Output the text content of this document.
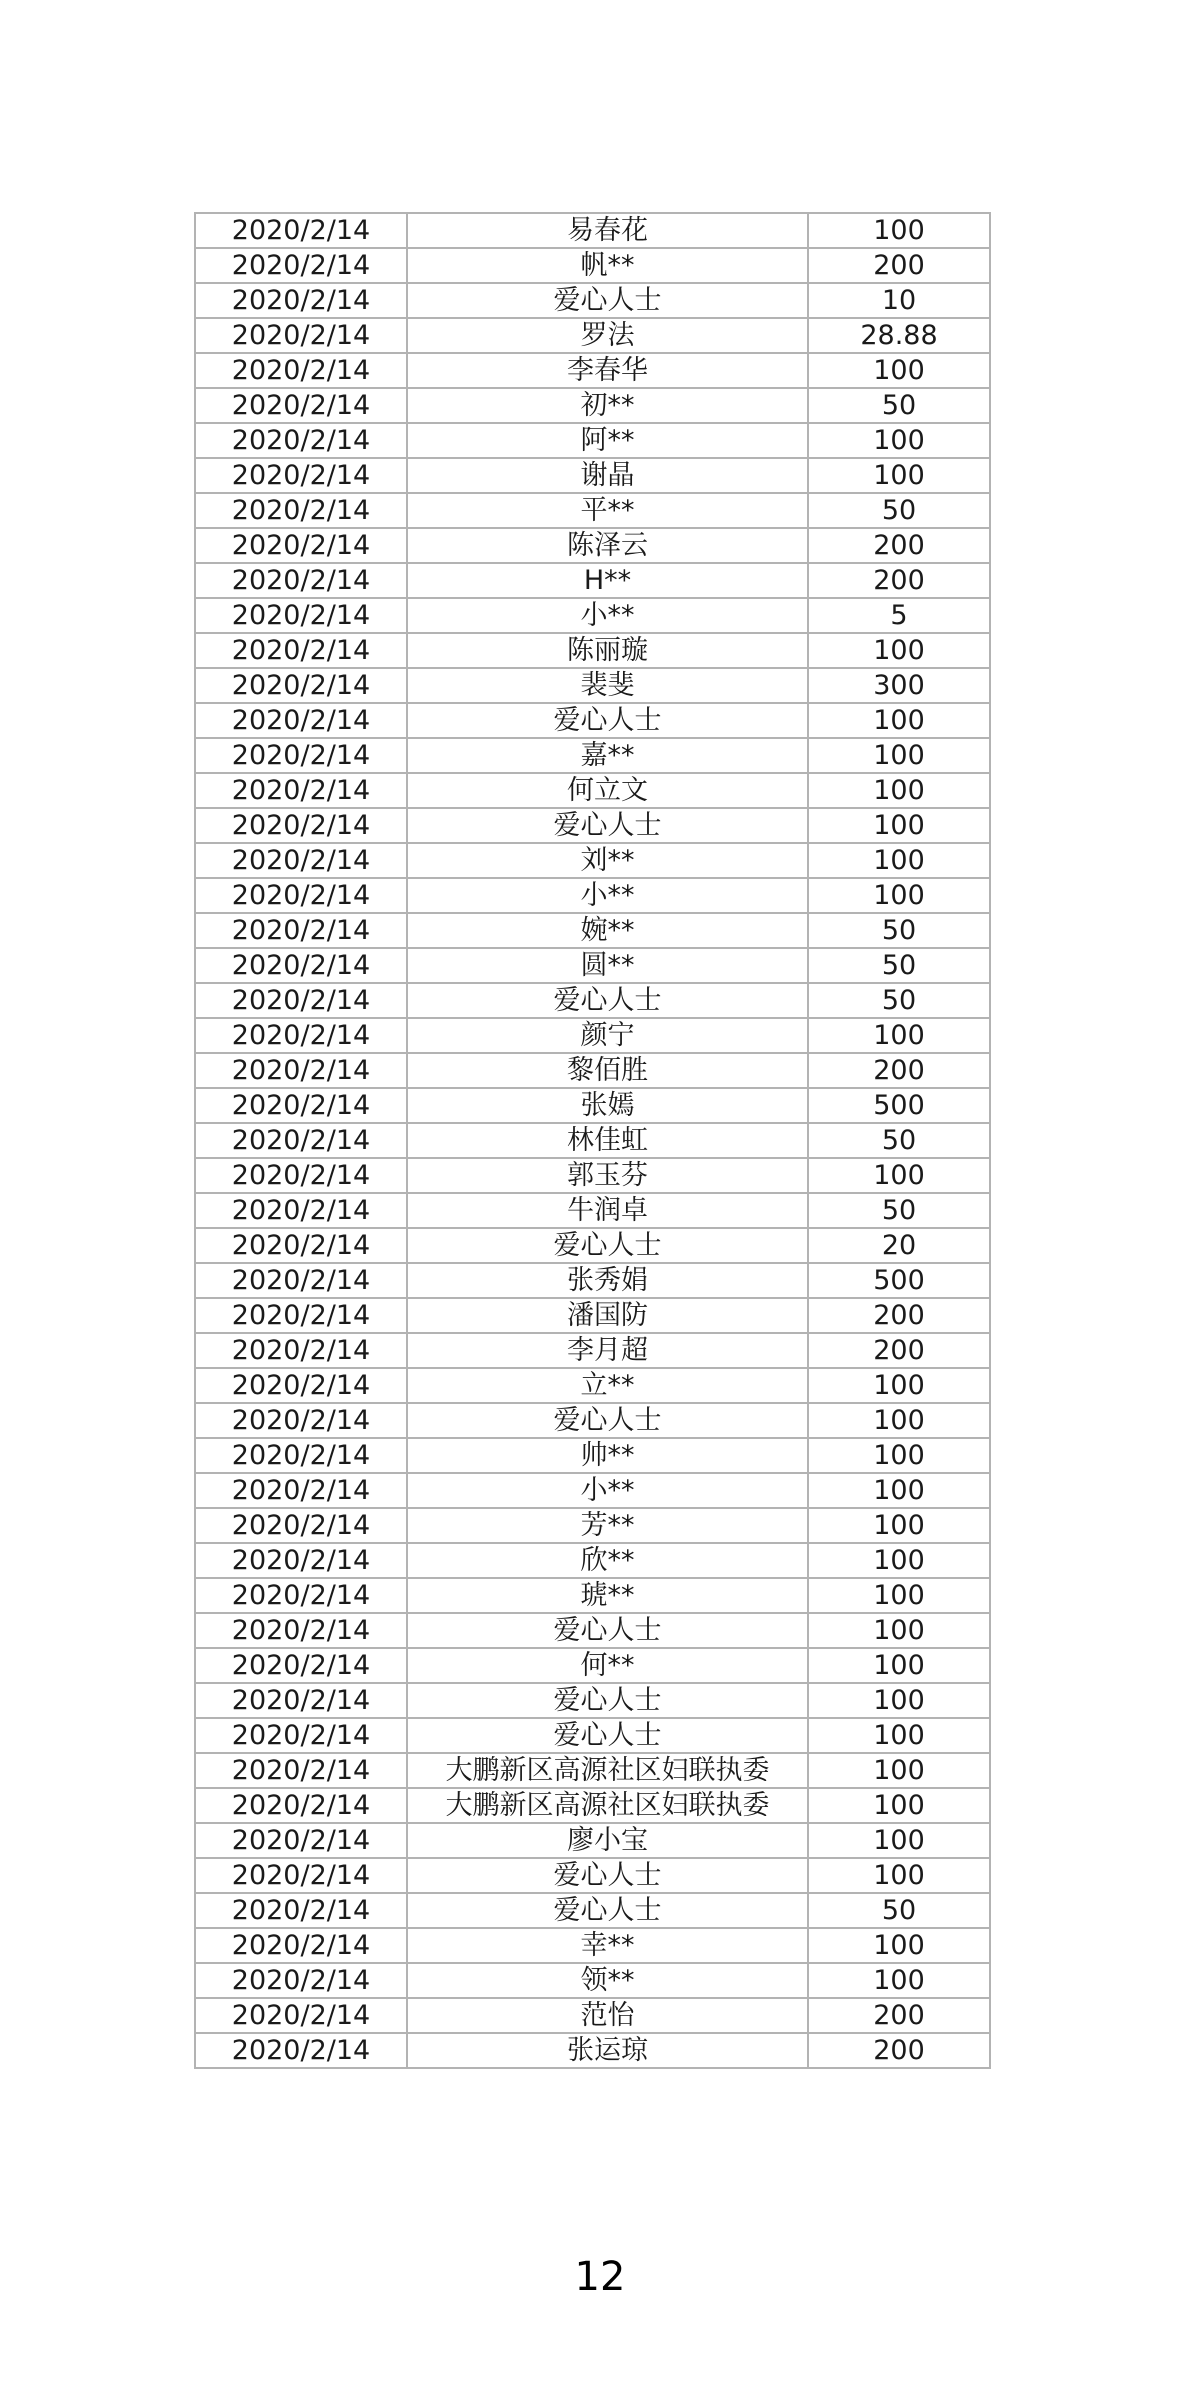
2020/2/14	易春花	100
2020/2/14	帆**	200
2020/2/14	爱心人士	10
2020/2/14	罗法	28.88
2020/2/14	李春华	100
2020/2/14	初**	50
2020/2/14	阿**	100
2020/2/14	谢晶	100
2020/2/14	平**	50
2020/2/14	陈泽云	200
2020/2/14	H**	200
2020/2/14	小**	5
2020/2/14	陈丽璇	100
2020/2/14	裴斐	300
2020/2/14	爱心人士	100
2020/2/14	嘉**	100
2020/2/14	何立文	100
2020/2/14	爱心人士	100
2020/2/14	刘**	100
2020/2/14	小**	100
2020/2/14	婉**	50
2020/2/14	圆**	50
2020/2/14	爱心人士	50
2020/2/14	颜宁	100
2020/2/14	黎佰胜	200
2020/2/14	张嫣	500
2020/2/14	林佳虹	50
2020/2/14	郭玉芬	100
2020/2/14	牛润卓	50
2020/2/14	爱心人士	20
2020/2/14	张秀娟	500
2020/2/14	潘国防	200
2020/2/14	李月超	200
2020/2/14	立**	100
2020/2/14	爱心人士	100
2020/2/14	帅**	100
2020/2/14	小**	100
2020/2/14	芳**	100
2020/2/14	欣**	100
2020/2/14	琥**	100
2020/2/14	爱心人士	100
2020/2/14	何**	100
2020/2/14	爱心人士	100
2020/2/14	爱心人士	100
2020/2/14	大鹏新区高源社区妇联执委	100
2020/2/14	大鹏新区高源社区妇联执委	100
2020/2/14	廖小宝	100
2020/2/14	爱心人士	100
2020/2/14	爱心人士	50
2020/2/14	幸**	100
2020/2/14	领**	100
2020/2/14	范怡	200
2020/2/14	张运琼	200
12
